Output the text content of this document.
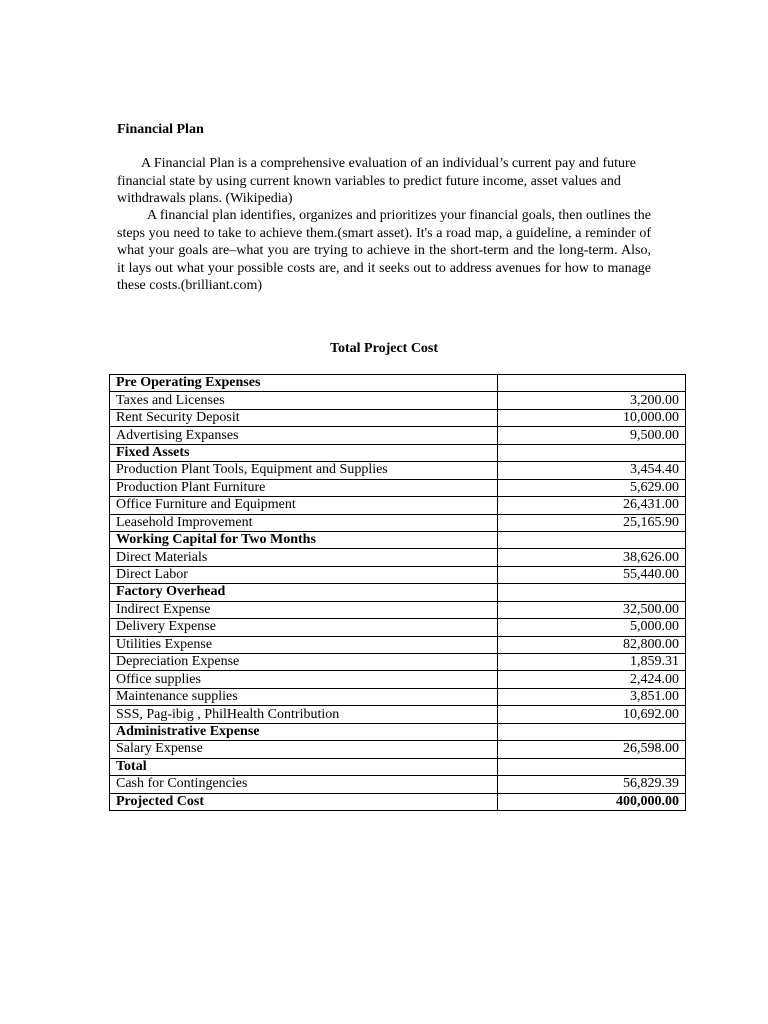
Financial Plan

A Financial Plan is a comprehensive evaluation of an individual’s current pay and future financial state by using current known variables to predict future income, asset values and withdrawals plans. (Wikipedia)

A financial plan identifies, organizes and prioritizes your financial goals, then outlines the steps you need to take to achieve them.(smart asset). It's a road map, a guideline, a reminder of what your goals are–what you are trying to achieve in the short-term and the long-term. Also, it lays out what your possible costs are, and it seeks out to address avenues for how to manage these costs.(brilliant.com)

Total Project Cost
Pre Operating Expenses	
Taxes and Licenses	3,200.00
Rent Security Deposit	10,000.00
Advertising Expanses	9,500.00
Fixed Assets	
Production Plant Tools, Equipment and Supplies	3,454.40
Production Plant Furniture	5,629.00
Office Furniture and Equipment	26,431.00
Leasehold Improvement	25,165.90
Working Capital for Two Months	
Direct Materials	38,626.00
Direct Labor	55,440.00
Factory Overhead	
Indirect Expense	32,500.00
Delivery Expense	5,000.00
Utilities Expense	82,800.00
Depreciation Expense	1,859.31
Office supplies	2,424.00
Maintenance supplies	3,851.00
SSS, Pag-ibig , PhilHealth Contribution	10,692.00
Administrative Expense	
Salary Expense	26,598.00
Total	
Cash for Contingencies	56,829.39
Projected Cost	400,000.00
